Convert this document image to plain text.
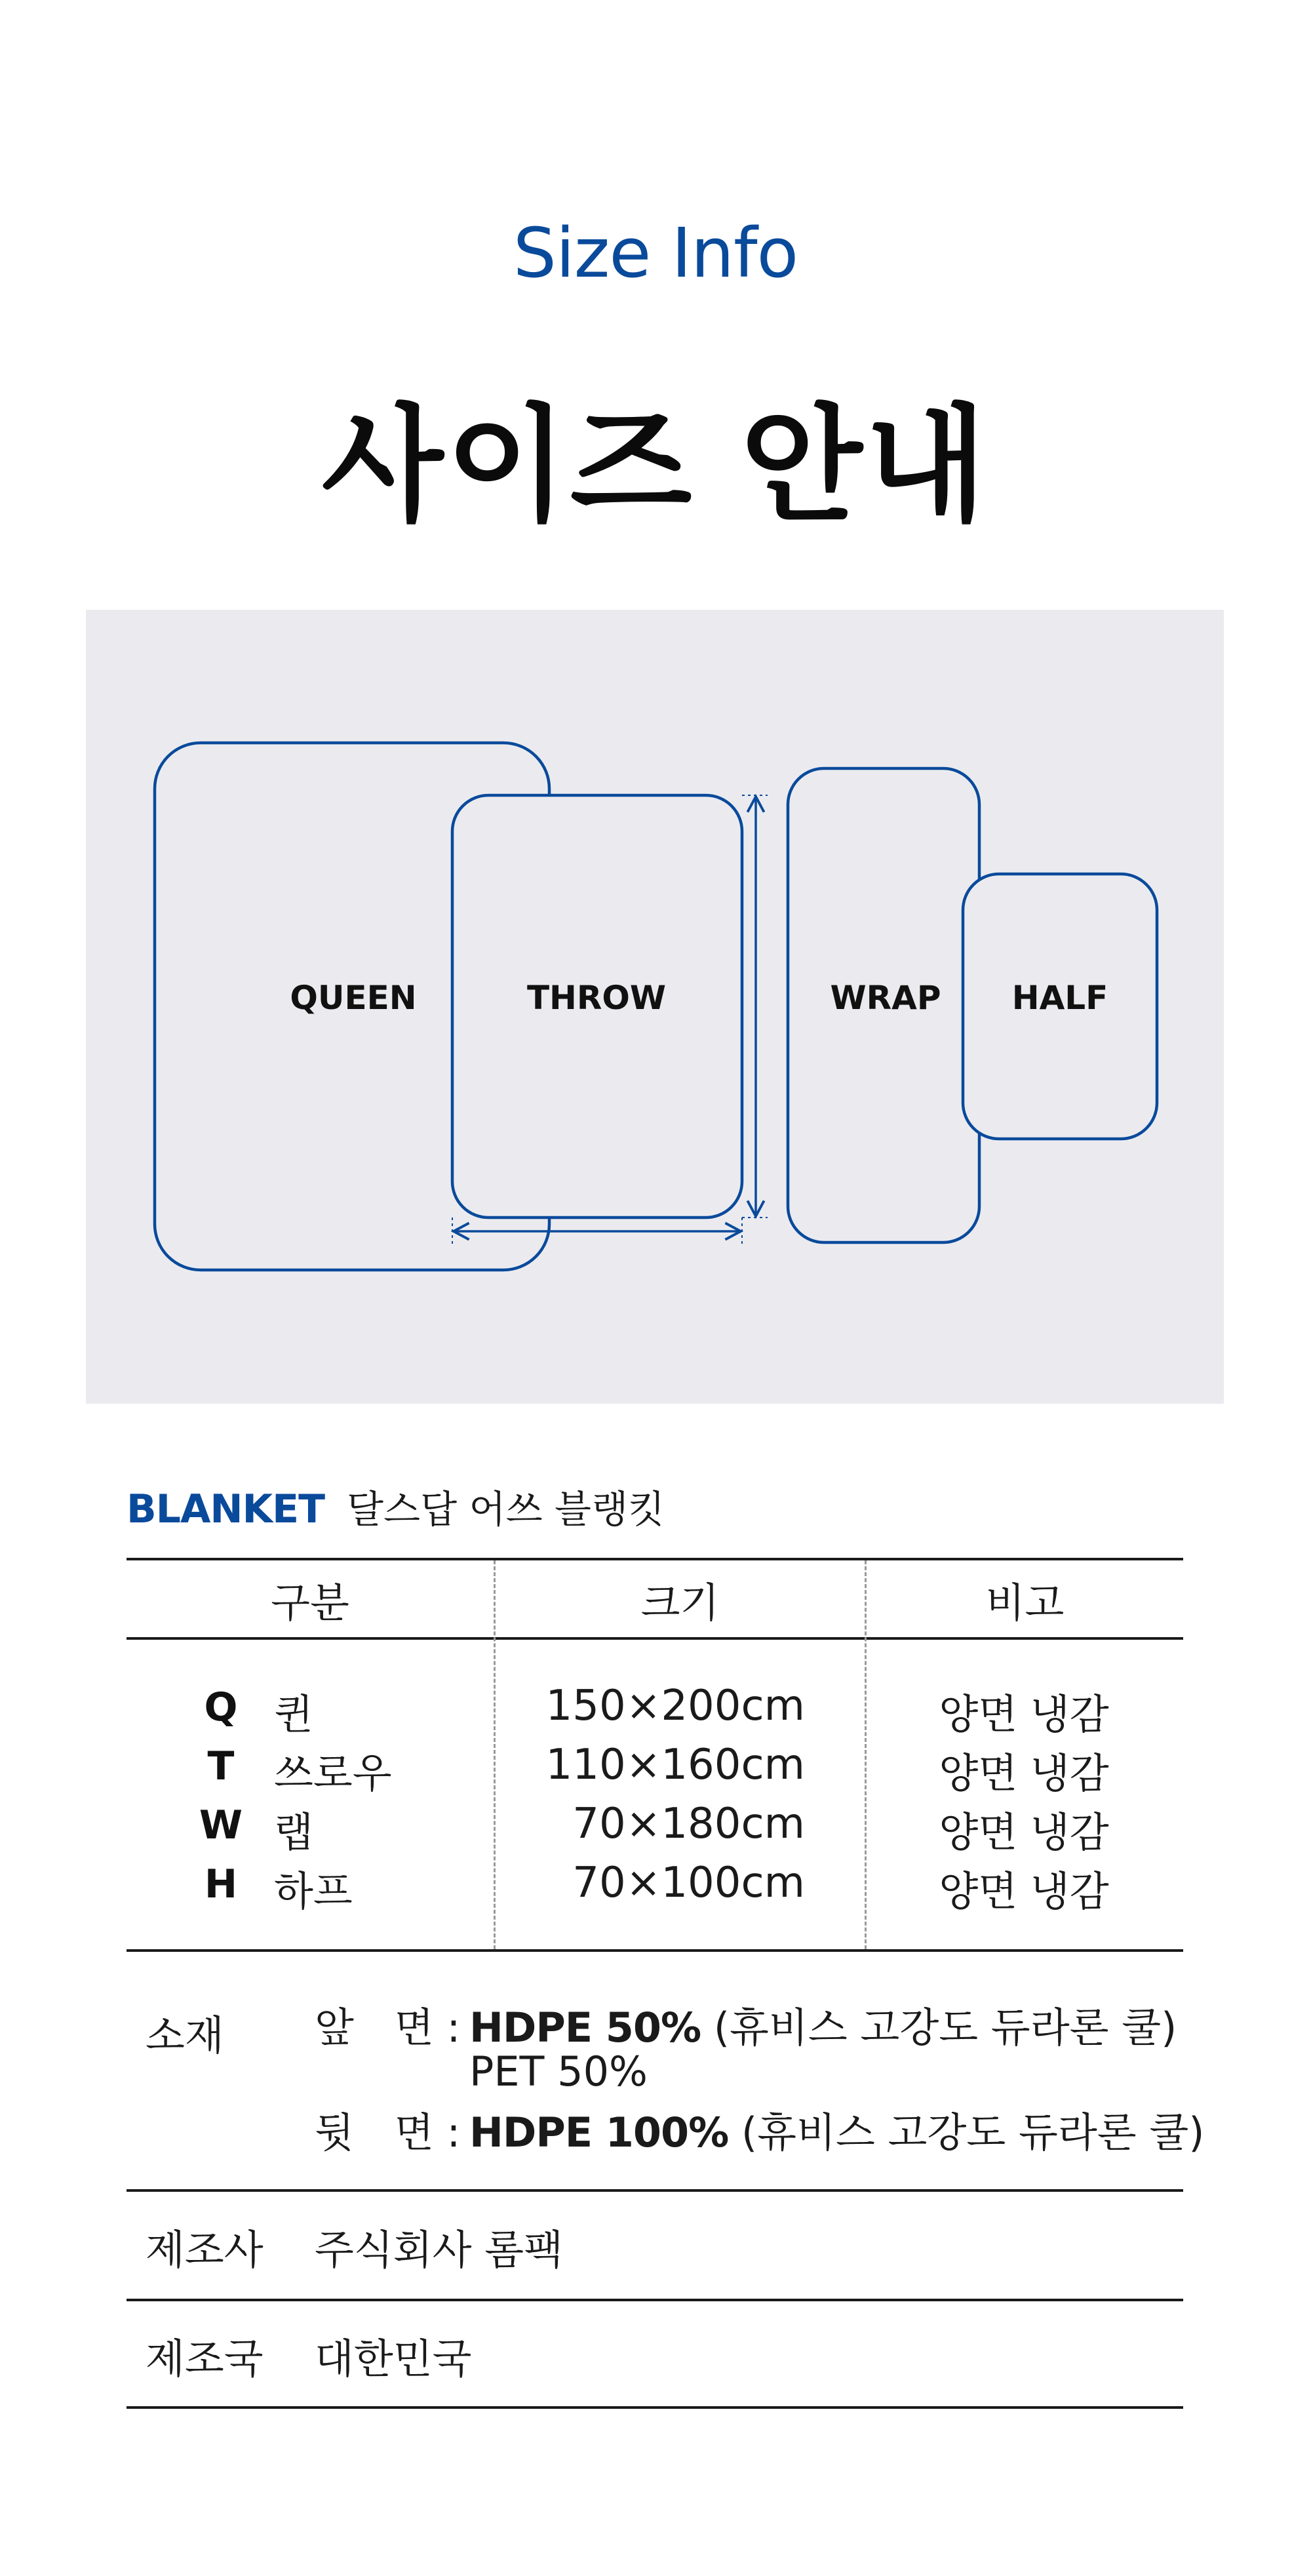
Size Info
사이즈 안내
QUEEN	THROW	WRAP HALF
BLANKET 달스답 어쓰 블랭킷
구분	크기	비고
Q 퀸	150×200cm	양면 냉감
T 쓰로우	110×160cm	양면 냉감
W 랩	70×180cm	양면 냉감
H 하프	70×100cm	양면 냉감
소재 앞　면 : HDPE 50% (휴비스 고강도 듀라론 쿨)
PET 50%
뒷　면 : HDPE 100% (휴비스 고강도 듀라론 쿨)
제조사 주식회사 롬팩
제조국 대한민국
